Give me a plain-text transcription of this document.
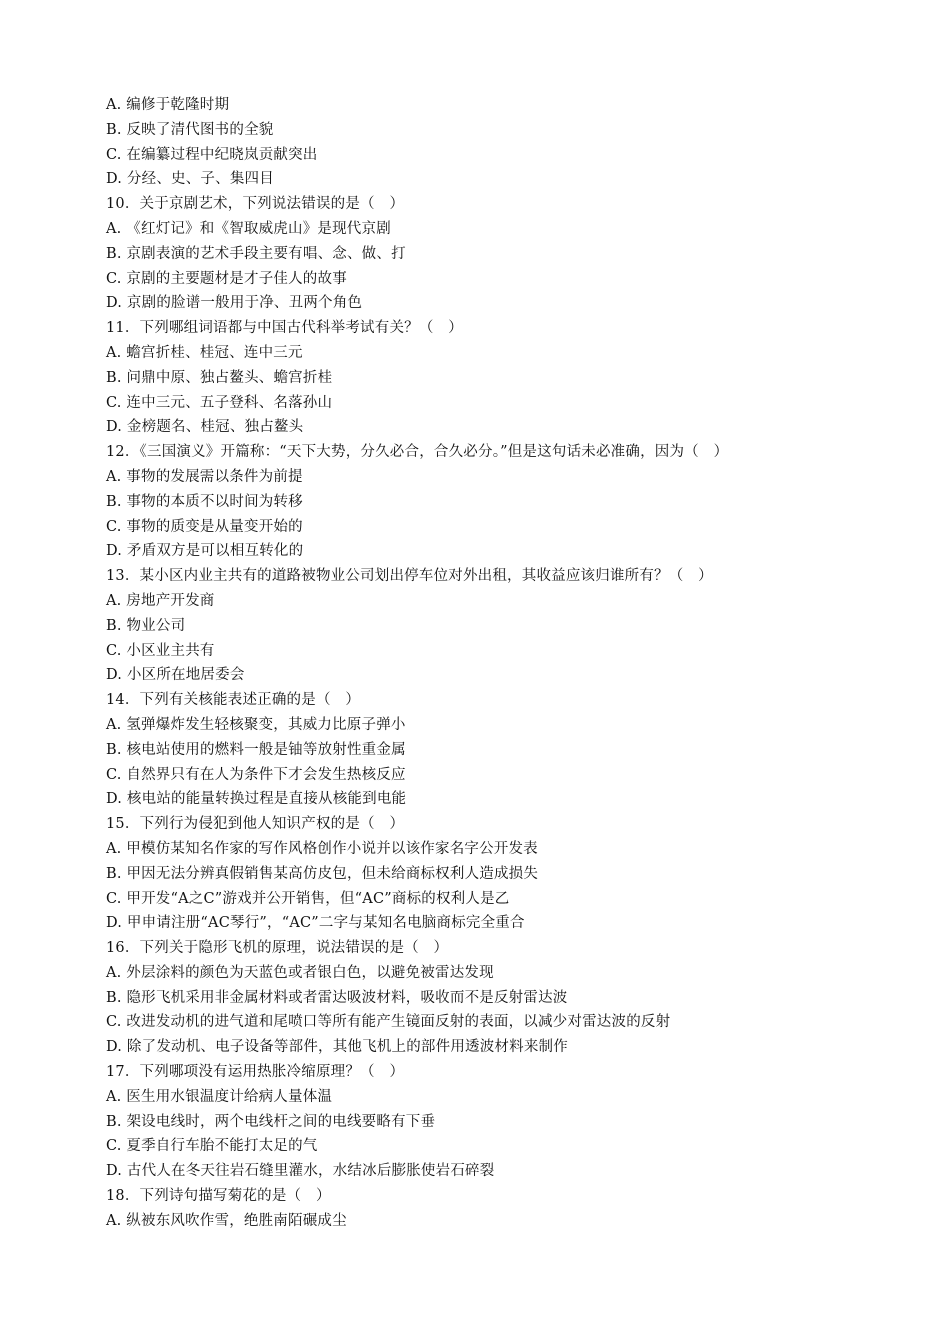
A. 编修于乾隆时期
B. 反映了清代图书的全貌
C. 在编纂过程中纪晓岚贡献突出
D. 分经、史、子、集四目
10．关于京剧艺术，下列说法错误的是（　）
A. 《红灯记》和《智取威虎山》是现代京剧
B. 京剧表演的艺术手段主要有唱、念、做、打
C. 京剧的主要题材是才子佳人的故事
D. 京剧的脸谱一般用于净、丑两个角色
11．下列哪组词语都与中国古代科举考试有关？（　）
A. 蟾宫折桂、桂冠、连中三元
B. 问鼎中原、独占鳌头、蟾宫折桂
C. 连中三元、五子登科、名落孙山
D. 金榜题名、桂冠、独占鳌头
12．《三国演义》开篇称：“天下大势，分久必合，合久必分。”但是这句话未必准确，因为（　）
A. 事物的发展需以条件为前提
B. 事物的本质不以时间为转移
C. 事物的质变是从量变开始的
D. 矛盾双方是可以相互转化的
13．某小区内业主共有的道路被物业公司划出停车位对外出租，其收益应该归谁所有？（　）
A. 房地产开发商
B. 物业公司
C. 小区业主共有
D. 小区所在地居委会
14．下列有关核能表述正确的是（　）
A. 氢弹爆炸发生轻核聚变，其威力比原子弹小
B. 核电站使用的燃料一般是铀等放射性重金属
C. 自然界只有在人为条件下才会发生热核反应
D. 核电站的能量转换过程是直接从核能到电能
15．下列行为侵犯到他人知识产权的是（　）
A. 甲模仿某知名作家的写作风格创作小说并以该作家名字公开发表
B. 甲因无法分辨真假销售某高仿皮包，但未给商标权利人造成损失
C. 甲开发“A之C”游戏并公开销售，但“AC”商标的权利人是乙
D. 甲申请注册“AC琴行”，“AC”二字与某知名电脑商标完全重合
16．下列关于隐形飞机的原理，说法错误的是（　）
A. 外层涂料的颜色为天蓝色或者银白色，以避免被雷达发现
B. 隐形飞机采用非金属材料或者雷达吸波材料，吸收而不是反射雷达波
C. 改进发动机的进气道和尾喷口等所有能产生镜面反射的表面，以减少对雷达波的反射
D. 除了发动机、电子设备等部件，其他飞机上的部件用透波材料来制作
17．下列哪项没有运用热胀冷缩原理？（　）
A. 医生用水银温度计给病人量体温
B. 架设电线时，两个电线杆之间的电线要略有下垂
C. 夏季自行车胎不能打太足的气
D. 古代人在冬天往岩石缝里灌水，水结冰后膨胀使岩石碎裂
18．下列诗句描写菊花的是（　）
A. 纵被东风吹作雪，绝胜南陌碾成尘
